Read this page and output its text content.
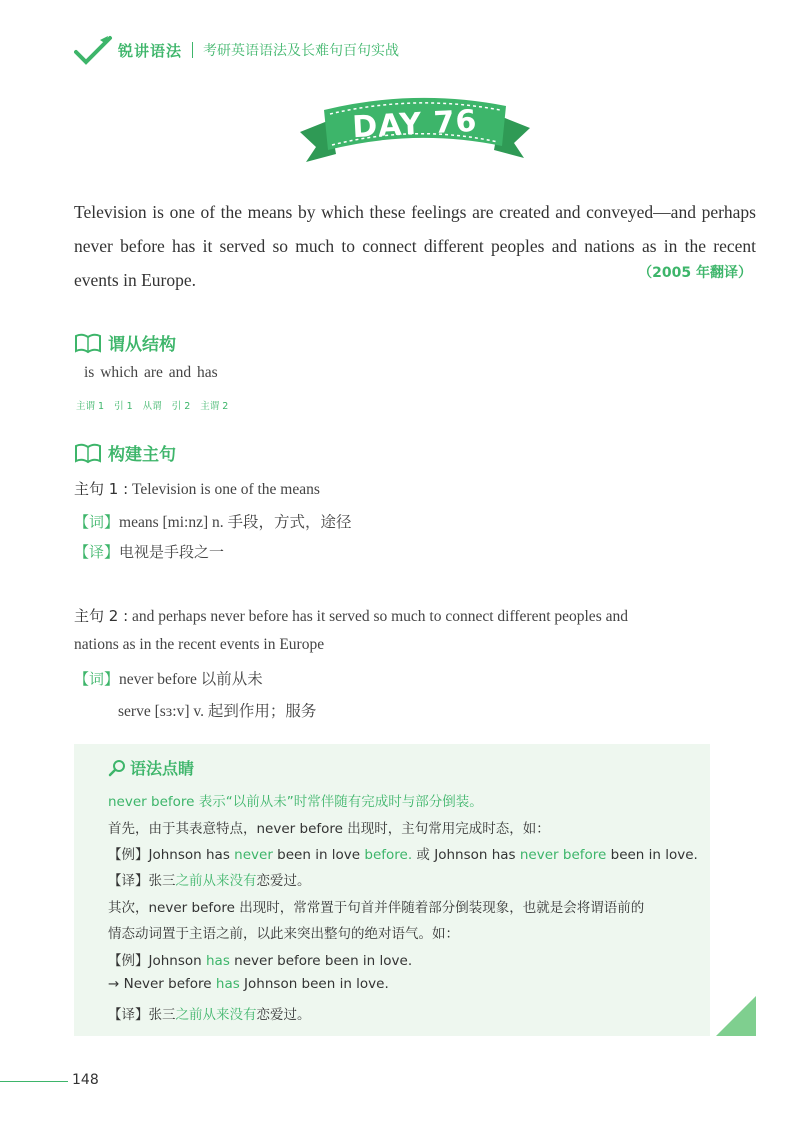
锐讲语法 考研英语语法及长难句百句实战
DAY 76

Television is one of the means by which these feelings are created and conveyed—and perhaps never before has it served so much to connect different peoples and nations as in the recent events in Europe.	（2005 年翻译）
谓从结构
is which are and has
主谓 1 引 1 从谓 引 2 主谓 2
构建主句
主句 1 : Television is one of the means
【词】means [mi:nz] n. 手段，方式，途径
【译】电视是手段之一
主句 2 : and perhaps never before has it served so much to connect different peoples and
nations as in the recent events in Europe
【词】never before 以前从未
serve [sɜ:v] v. 起到作用；服务
语法点睛
never before 表示“以前从未”时常伴随有完成时与部分倒装。
首先，由于其表意特点，never before 出现时，主句常用完成时态，如：
【例】Johnson has never been in love before. 或 Johnson has never before been in love.
【译】张三之前从来没有恋爱过。
其次，never before 出现时，常常置于句首并伴随着部分倒装现象，也就是会将谓语前的
情态动词置于主语之前，以此来突出整句的绝对语气。如：
【例】Johnson has never before been in love.
→ Never before has Johnson been in love.
【译】张三之前从来没有恋爱过。
148
